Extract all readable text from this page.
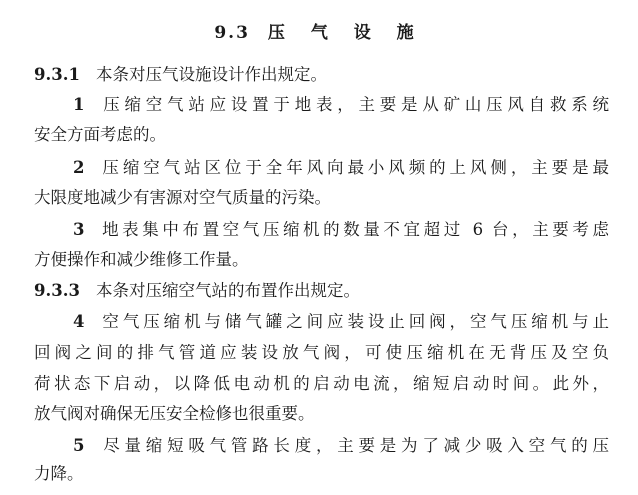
9.3 压 气 设 施
9.3.1 本条对压气设施设计作出规定。
1 压缩空气站应设置于地表，主要是从矿山压风自救系统
安全方面考虑的。
2 压缩空气站区位于全年风向最小风频的上风侧，主要是最
大限度地减少有害源对空气质量的污染。
3 地表集中布置空气压缩机的数量不宜超过 6 台，主要考虑
方便操作和减少维修工作量。
9.3.3 本条对压缩空气站的布置作出规定。
4 空气压缩机与储气罐之间应装设止回阀，空气压缩机与止
回阀之间的排气管道应装设放气阀，可使压缩机在无背压及空负
荷状态下启动，以降低电动机的启动电流，缩短启动时间。此外，
放气阀对确保无压安全检修也很重要。
5 尽量缩短吸气管路长度，主要是为了减少吸入空气的压
力降。
